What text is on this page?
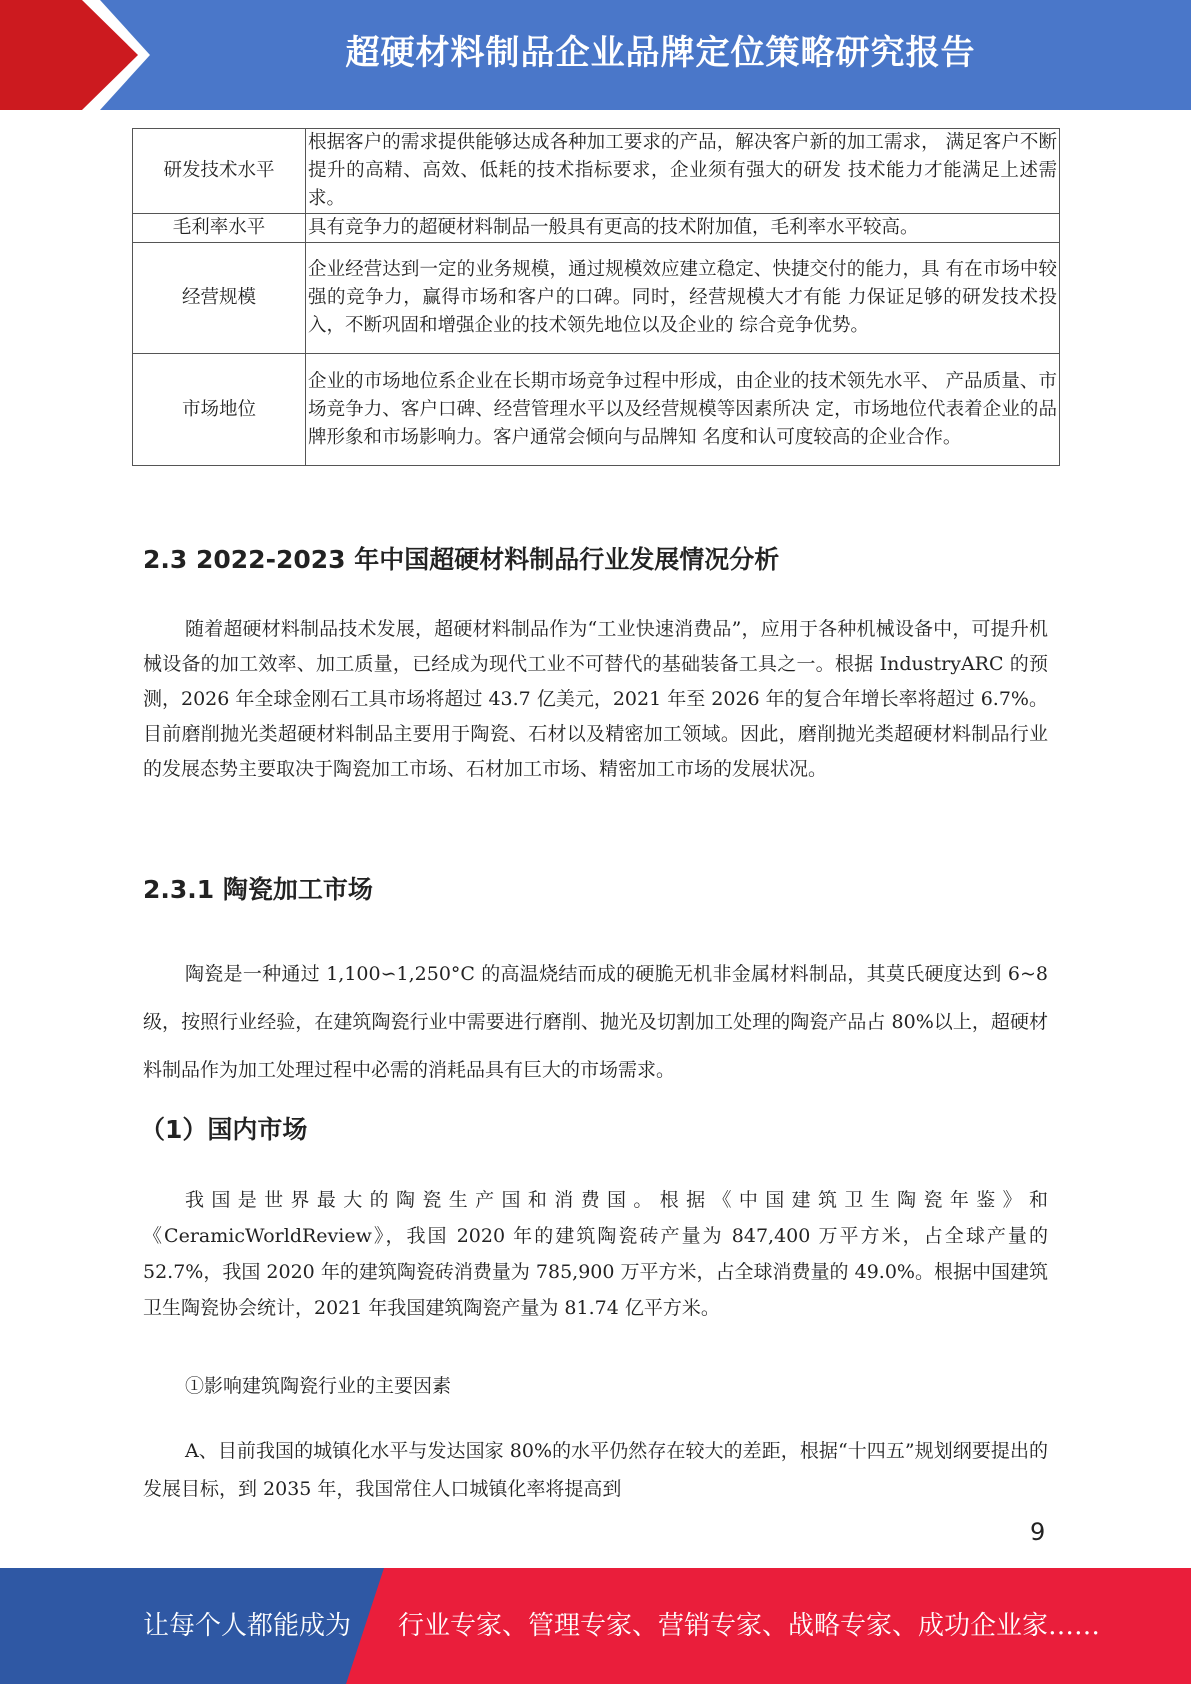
超硬材料制品企业品牌定位策略研究报告
研发技术水平	根据客户的需求提供能够达成各种加工要求的产品，解决客户新的加工需求， 满足客户不断提升的高精、高效、低耗的技术指标要求，企业须有强大的研发 技术能力才能满足上述需求。
毛利率水平	具有竞争力的超硬材料制品一般具有更高的技术附加值，毛利率水平较高。
经营规模	企业经营达到一定的业务规模，通过规模效应建立稳定、快捷交付的能力，具 有在市场中较强的竞争力，赢得市场和客户的口碑。同时，经营规模大才有能 力保证足够的研发技术投入，不断巩固和增强企业的技术领先地位以及企业的 综合竞争优势。
市场地位	企业的市场地位系企业在长期市场竞争过程中形成，由企业的技术领先水平、 产品质量、市场竞争力、客户口碑、经营管理水平以及经营规模等因素所决 定，市场地位代表着企业的品牌形象和市场影响力。客户通常会倾向与品牌知 名度和认可度较高的企业合作。
2.3 2022-2023 年中国超硬材料制品行业发展情况分析

随着超硬材料制品技术发展，超硬材料制品作为“工业快速消费品”，应用于各种机械设备中，可提升机械设备的加工效率、加工质量，已经成为现代工业不可替代的基础装备工具之一。根据 IndustryARC 的预测，2026 年全球金刚石工具市场将超过 43.7 亿美元，2021 年至 2026 年的复合年增长率将超过 6.7%。目前磨削抛光类超硬材料制品主要用于陶瓷、石材以及精密加工领域。因此，磨削抛光类超硬材料制品行业的发展态势主要取决于陶瓷加工市场、石材加工市场、精密加工市场的发展状况。

2.3.1 陶瓷加工市场

陶瓷是一种通过 1,100∽1,250°C 的高温烧结而成的硬脆无机非金属材料制品，其莫氏硬度达到 6~8 级，按照行业经验，在建筑陶瓷行业中需要进行磨削、抛光及切割加工处理的陶瓷产品占 80%以上，超硬材料制品作为加工处理过程中必需的消耗品具有巨大的市场需求。

（1）国内市场

我国是世界最大的陶瓷生产国和消费国。根据《中国建筑卫生陶瓷年鉴》和《CeramicWorldReview》，我国 2020 年的建筑陶瓷砖产量为 847,400 万平方米，占全球产量的 52.7%，我国 2020 年的建筑陶瓷砖消费量为 785,900 万平方米，占全球消费量的 49.0%。根据中国建筑卫生陶瓷协会统计，2021 年我国建筑陶瓷产量为 81.74 亿平方米。

①影响建筑陶瓷行业的主要因素

A、目前我国的城镇化水平与发达国家 80%的水平仍然存在较大的差距，根据“十四五”规划纲要提出的发展目标，到 2035 年，我国常住人口城镇化率将提高到

9
让每个人都能成为 行业专家、管理专家、营销专家、战略专家、成功企业家……
